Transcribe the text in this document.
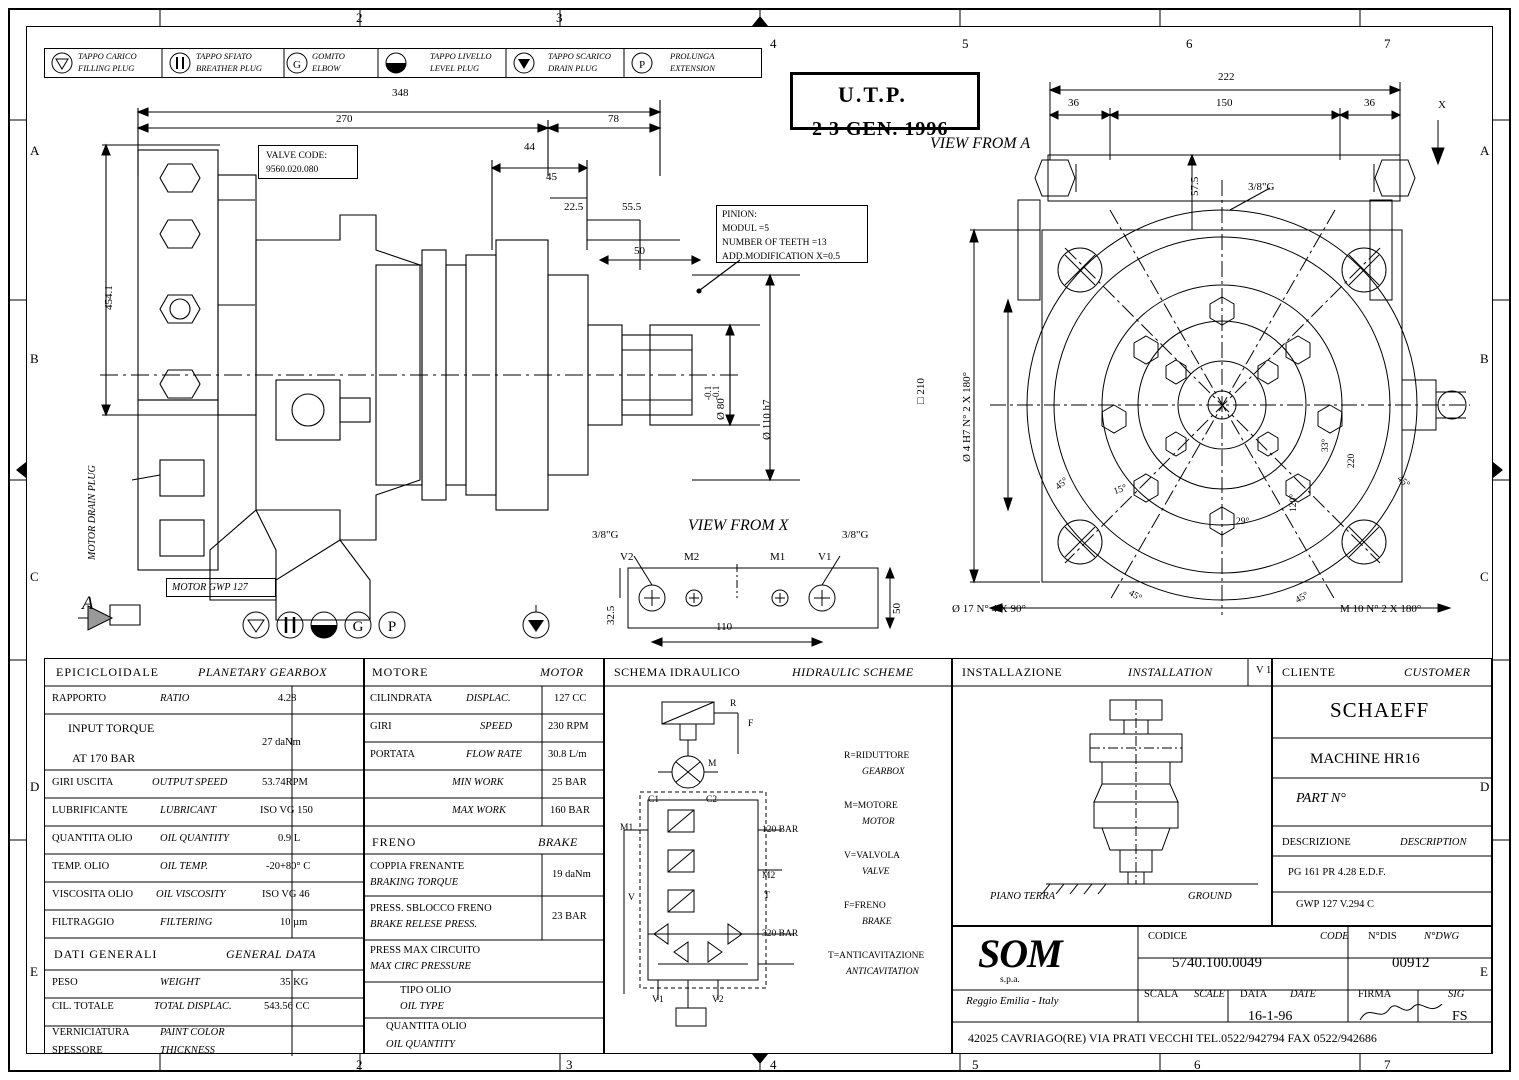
2	3
4	5	6	7
2	3	4	5	6	7
A
B
C
D
E
A
B
C
D
E
G	P
TAPPO CARICO
FILLING PLUG
TAPPO SFIATO
BREATHER PLUG
GOMITO
ELBOW
TAPPO LIVELLO
LEVEL PLUG
TAPPO SCARICO
DRAIN PLUG
PROLUNGA
EXTENSION
U.T.P.
2 3 GEN. 1996
VALVE CODE:
9560.020.080
PINION:
MODUL =5
NUMBER OF TEETH =13
ADD.MODIFICATION X=0.5
348
270	78
44
45
22.5	55.5
50
454.1
Ø 80
-0.1
-0.1
Ø 110 h7
MOTOR DRAIN PLUG
MOTOR GWP 127
A
G P
VIEW FROM X
V2	M2	M1	V1
3/8"G	3/8"G
32.5
110
50
VIEW FROM A
222
36	150	36
57.5	3/8"G
□ 210	Ø 4 H7 N° 2 X 180°
X
Ø 17 N° 4 X 90°	M 10 N° 2 X 180°
45°	45°
45°	45°
15°
29°
120°
220
33°
EPICICLOIDALE	PLANETARY GEARBOX
RAPPORTO	RATIO	4.28
INPUT TORQUE
AT 170 BAR
27 daNm
GIRI USCITA	OUTPUT SPEED	53.74RPM
LUBRIFICANTE	LUBRICANT	ISO VG 150
QUANTITA OLIO	OIL QUANTITY	0.9 L
TEMP. OLIO	OIL TEMP.	-20+80° C
VISCOSITA OLIO OIL VISCOSITY	ISO VG 46
FILTRAGGIO	FILTERING	10 µm
DATI GENERALI	GENERAL DATA
PESO	WEIGHT	35 KG
CIL. TOTALE	TOTAL DISPLAC.	543.56 CC
VERNICIATURA	PAINT COLOR
SPESSORE	THICKNESS
MOTORE	MOTOR
CILINDRATA	DISPLAC.	127 CC
GIRI	SPEED	230 RPM
PORTATA	FLOW RATE 30.8 L/m
MIN WORK	25 BAR
MAX WORK	160 BAR
FRENO	BRAKE
COPPIA FRENANTE
BRAKING TORQUE
19 daNm
PRESS. SBLOCCO FRENO
BRAKE RELESE PRESS.
23 BAR
PRESS MAX CIRCUITO
MAX CIRC PRESSURE
TIPO OLIO
OIL TYPE
QUANTITA OLIO
OIL QUANTITY
SCHEMA IDRAULICO	HIDRAULIC SCHEME
R
F
M
C1	C2
M1
M2
T
V
V1	V2
120 BAR
320 BAR
R=RIDUTTORE
GEARBOX
M=MOTORE
MOTOR
V=VALVOLA
VALVE
F=FRENO
BRAKE
T=ANTICAVITAZIONE
ANTICAVITATION
INSTALLAZIONE	INSTALLATION	V 1
PIANO TERRA	GROUND
CLIENTE	CUSTOMER
SCHAEFF
MACHINE HR16
PART N°
DESCRIZIONE	DESCRIPTION
PG 161 PR 4.28 E.D.F.
GWP 127 V.294 C
SOM
s.p.a.
Reggio Emilia - Italy
CODICE	CODE
5740.100.0049
N°DIS	N°DWG
00912
SCALA SCALE DATA DATE
16-1-96
FIRMA	SIG
FS
42025 CAVRIAGO(RE) VIA PRATI VECCHI TEL.0522/942794 FAX 0522/942686
